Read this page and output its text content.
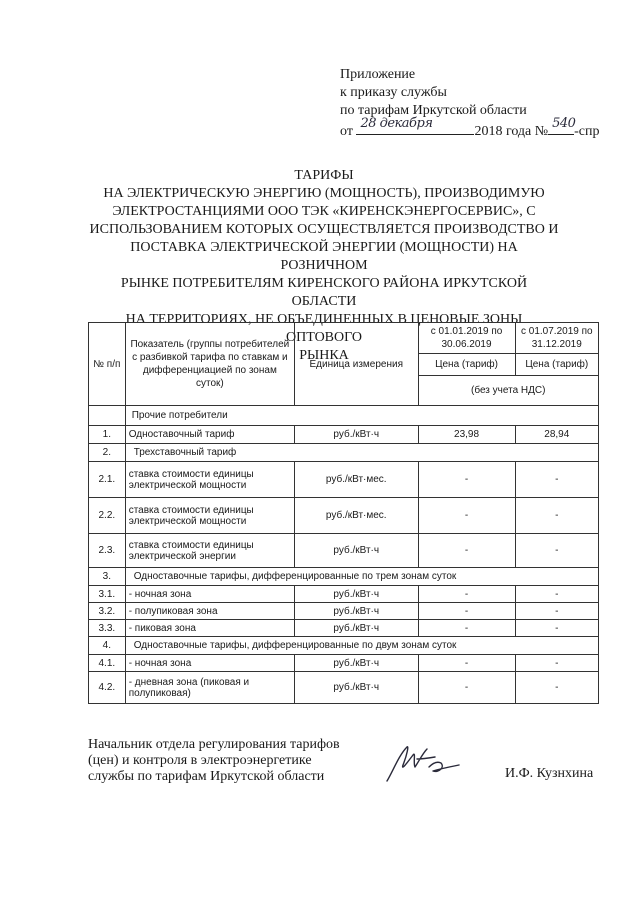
Приложение
к приказу службы
по тарифам Иркутской области
от
28 декабря
2018 года №
540
-спр
ТАРИФЫ
НА ЭЛЕКТРИЧЕСКУЮ ЭНЕРГИЮ (МОЩНОСТЬ), ПРОИЗВОДИМУЮ
ЭЛЕКТРОСТАНЦИЯМИ ООО ТЭК «КИРЕНСКЭНЕРГОСЕРВИС», С
ИСПОЛЬЗОВАНИЕМ КОТОРЫХ ОСУЩЕСТВЛЯЕТСЯ ПРОИЗВОДСТВО И
ПОСТАВКА ЭЛЕКТРИЧЕСКОЙ ЭНЕРГИИ (МОЩНОСТИ) НА РОЗНИЧНОМ
РЫНКЕ ПОТРЕБИТЕЛЯМ КИРЕНСКОГО РАЙОНА ИРКУТСКОЙ ОБЛАСТИ
НА ТЕРРИТОРИЯХ, НЕ ОБЪЕДИНЕННЫХ В ЦЕНОВЫЕ ЗОНЫ ОПТОВОГО
РЫНКА
№ п/п	Показатель (группы потребителей с разбивкой тарифа по ставкам и дифференциацией по зонам суток)	Единица измерения	с 01.01.2019 по 30.06.2019	с 01.07.2019 по 31.12.2019
			Цена (тариф)	Цена (тариф)
			(без учета НДС)	
	Прочие потребители			
1.	Одноставочный тариф	руб./кВт·ч	23,98	28,94
2.	Трехставочный тариф			
2.1.	ставка стоимости единицы электрической мощности	руб./кВт·мес.	-	-
2.2.	ставка стоимости единицы электрической мощности	руб./кВт·мес.	-	-
2.3.	ставка стоимости единицы электрической энергии	руб./кВт·ч	-	-
3.	Одноставочные тарифы, дифференцированные по трем зонам суток			
3.1.	- ночная зона	руб./кВт·ч	-	-
3.2.	- полупиковая зона	руб./кВт·ч	-	-
3.3.	- пиковая зона	руб./кВт·ч	-	-
4.	Одноставочные тарифы, дифференцированные по двум зонам суток			
4.1.	- ночная зона	руб./кВт·ч	-	-
4.2.	- дневная зона (пиковая и полупиковая)	руб./кВт·ч	-	-
Начальник отдела регулирования тарифов
(цен) и контроля в электроэнергетике
службы по тарифам Иркутской области	И.Ф. Кузнхина
